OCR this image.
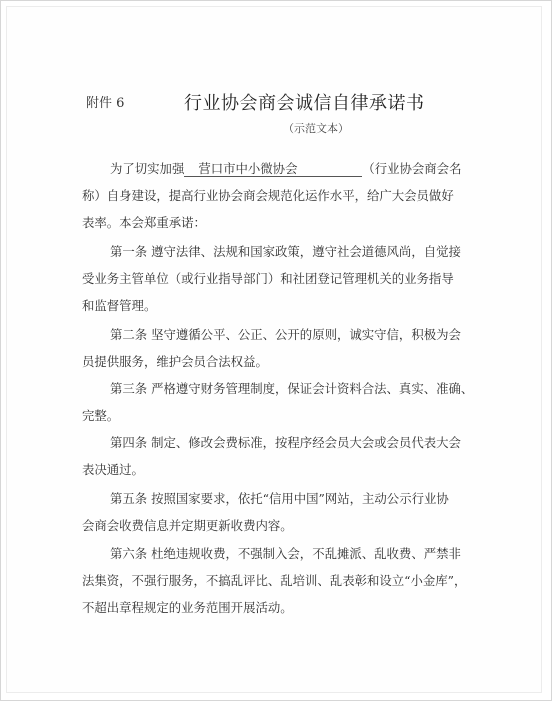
附件 6	行业协会商会诚信自律承诺书
（示范文本）
为了切实加强 营口市中小微协会	（行业协会商会名
称）自身建设，提高行业协会商会规范化运作水平，给广大会员做好
表率。本会郑重承诺：
第一条 遵守法律、法规和国家政策，遵守社会道德风尚，自觉接
受业务主管单位（或行业指导部门）和社团登记管理机关的业务指导
和监督管理。
第二条 坚守遵循公平、公正、公开的原则，诚实守信，积极为会
员提供服务，维护会员合法权益。
第三条 严格遵守财务管理制度，保证会计资料合法、真实、准确、
完整。
第四条 制定、修改会费标准，按程序经会员大会或会员代表大会
表决通过。
第五条 按照国家要求，依托“信用中国”网站，主动公示行业协
会商会收费信息并定期更新收费内容。
第六条 杜绝违规收费，不强制入会，不乱摊派、乱收费、严禁非
法集资，不强行服务，不搞乱评比、乱培训、乱表彰和设立“小金库”，
不超出章程规定的业务范围开展活动。
